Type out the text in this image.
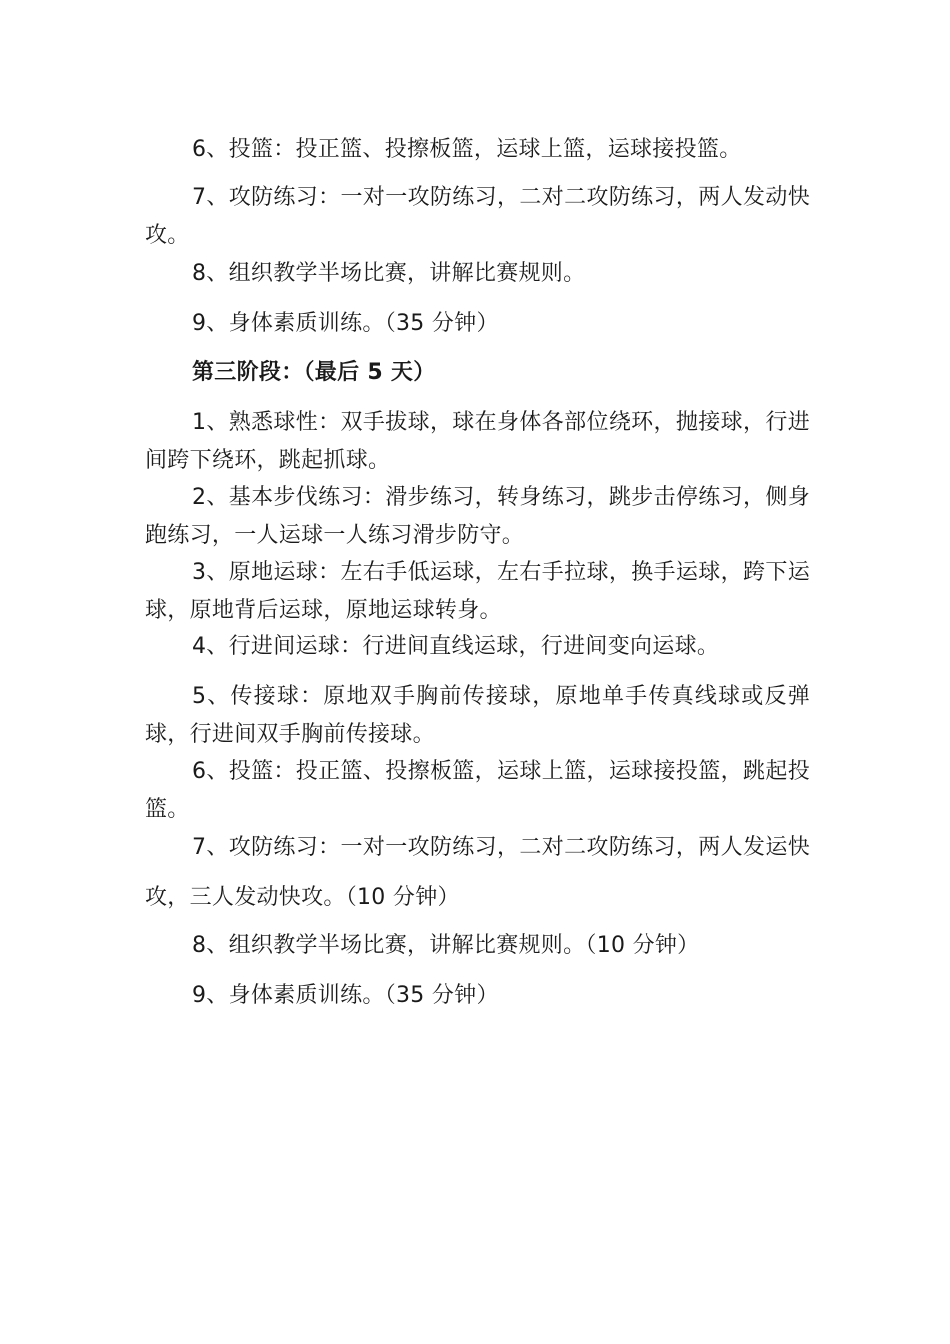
6、投篮：投正篮、投擦板篮，运球上篮，运球接投篮。

7、攻防练习：一对一攻防练习，二对二攻防练习，两人发动快攻。

8、组织教学半场比赛，讲解比赛规则。

9、身体素质训练。（35 分钟）

第三阶段：（最后 5 天）

1、熟悉球性：双手拔球，球在身体各部位绕环，抛接球，行进间跨下绕环，跳起抓球。

2、基本步伐练习：滑步练习，转身练习，跳步击停练习，侧身跑练习，一人运球一人练习滑步防守。

3、原地运球：左右手低运球，左右手拉球，换手运球，跨下运球，原地背后运球，原地运球转身。

4、行进间运球：行进间直线运球，行进间变向运球。

5、传接球：原地双手胸前传接球，原地单手传真线球或反弹球，行进间双手胸前传接球。

6、投篮：投正篮、投擦板篮，运球上篮，运球接投篮，跳起投篮。

7、攻防练习：一对一攻防练习，二对二攻防练习，两人发运快攻，三人发动快攻。（10 分钟）

8、组织教学半场比赛，讲解比赛规则。（10 分钟）

9、身体素质训练。（35 分钟）
